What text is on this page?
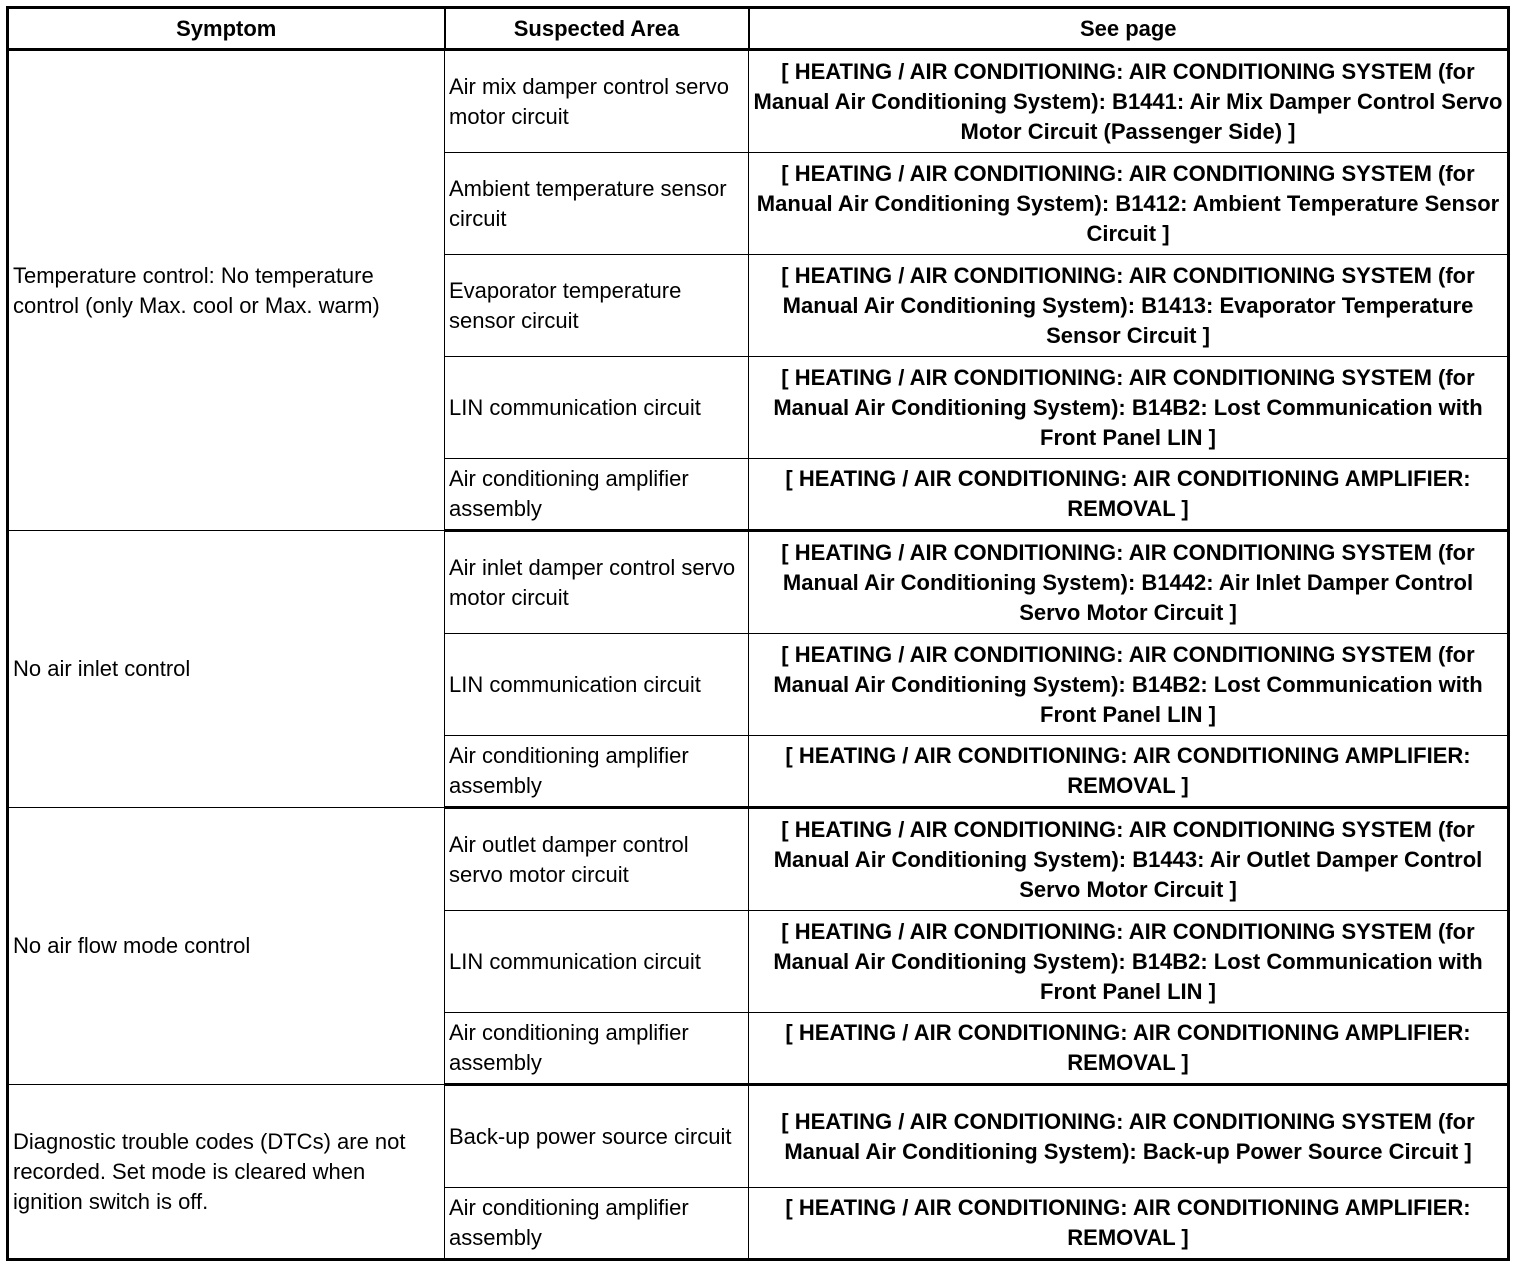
Symptom	Suspected Area	See page
Temperature control: No temperature control (only Max. cool or Max. warm)	Air mix damper control servo motor circuit	[ HEATING / AIR CONDITIONING: AIR CONDITIONING SYSTEM (for Manual Air Conditioning System): B1441: Air Mix Damper Control Servo Motor Circuit (Passenger Side) ]
	Ambient temperature sensor circuit	[ HEATING / AIR CONDITIONING: AIR CONDITIONING SYSTEM (for Manual Air Conditioning System): B1412: Ambient Temperature Sensor Circuit ]
	Evaporator temperature sensor circuit	[ HEATING / AIR CONDITIONING: AIR CONDITIONING SYSTEM (for Manual Air Conditioning System): B1413: Evaporator Temperature Sensor Circuit ]
	LIN communication circuit	[ HEATING / AIR CONDITIONING: AIR CONDITIONING SYSTEM (for Manual Air Conditioning System): B14B2: Lost Communication with Front Panel LIN ]
	Air conditioning amplifier assembly	[ HEATING / AIR CONDITIONING: AIR CONDITIONING AMPLIFIER: REMOVAL ]
No air inlet control	Air inlet damper control servo motor circuit	[ HEATING / AIR CONDITIONING: AIR CONDITIONING SYSTEM (for Manual Air Conditioning System): B1442: Air Inlet Damper Control Servo Motor Circuit ]
	LIN communication circuit	[ HEATING / AIR CONDITIONING: AIR CONDITIONING SYSTEM (for Manual Air Conditioning System): B14B2: Lost Communication with Front Panel LIN ]
	Air conditioning amplifier assembly	[ HEATING / AIR CONDITIONING: AIR CONDITIONING AMPLIFIER: REMOVAL ]
No air flow mode control	Air outlet damper control servo motor circuit	[ HEATING / AIR CONDITIONING: AIR CONDITIONING SYSTEM (for Manual Air Conditioning System): B1443: Air Outlet Damper Control Servo Motor Circuit ]
	LIN communication circuit	[ HEATING / AIR CONDITIONING: AIR CONDITIONING SYSTEM (for Manual Air Conditioning System): B14B2: Lost Communication with Front Panel LIN ]
	Air conditioning amplifier assembly	[ HEATING / AIR CONDITIONING: AIR CONDITIONING AMPLIFIER: REMOVAL ]
Diagnostic trouble codes (DTCs) are not recorded. Set mode is cleared when ignition switch is off.	Back-up power source circuit	[ HEATING / AIR CONDITIONING: AIR CONDITIONING SYSTEM (for Manual Air Conditioning System): Back-up Power Source Circuit ]
	Air conditioning amplifier assembly	[ HEATING / AIR CONDITIONING: AIR CONDITIONING AMPLIFIER: REMOVAL ]
